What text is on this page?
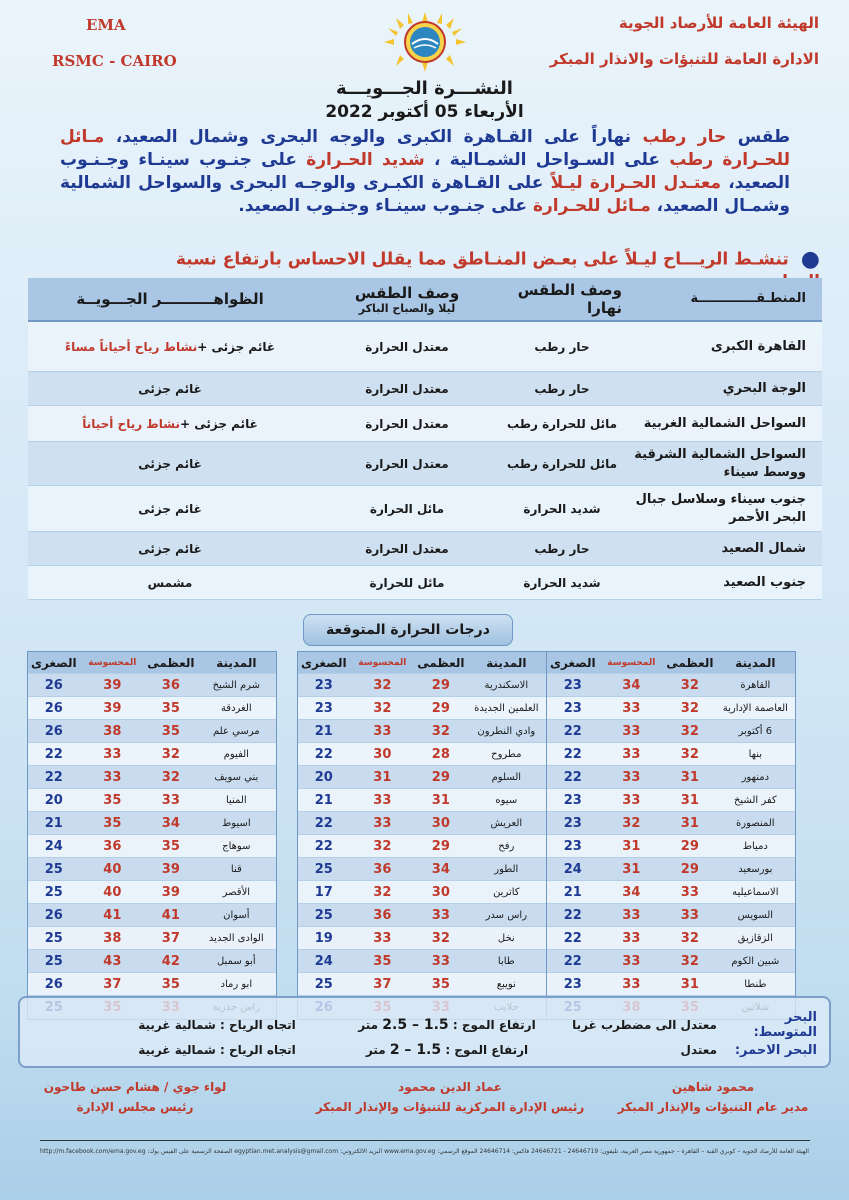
EMA
RSMC - CAIRO
الهيئة العامة للأرصاد الجوية
الادارة العامة للتنبؤات والانذار المبكر
النشـــرة الجـــويـــة
الأربعاء 05 أكتوبر 2022
طقس حار رطب نهاراً على القـاهرة الكبرى والوجه البحرى وشمال الصعيد، مـائل للحـرارة رطب على السـواحل الشمـالية ، شديد الحـرارة على جنـوب سينـاء وجـنـوب الصعيد، معتـدل الحـرارة ليـلاً على القـاهرة الكبـرى والوجـه البحرى والسواحل الشمالية وشمـال الصعيد، مـائل للحـرارة على جنـوب سينـاء وجنـوب الصعيد.
●تنشـط الريـــاح ليـلاً على بعـض المنـاطق مما يقلل الاحساس بارتفاع نسبة
المنطـقـــــــــــــة
وصف الطقس نهارا
وصف الطقس
ليلا والصباح الباكر
الظواهــــــــــر الجـــويــة
القاهرة الكبرى
حار رطب
معتدل الحرارة
غائم جزئى +
نشاط رياح أحياناً مساءً
الوجة البحري
حار رطب
معتدل الحرارة
غائم جزئى
السواحل الشمالية الغربية
مائل للحرارة رطب
معتدل الحرارة
غائم جزئى +
نشاط رياح أحياناً
السواحل الشمالية الشرقية ووسط سيناء
مائل للحرارة رطب
معتدل الحرارة
غائم جزئى
جنوب سيناء وسلاسل جبال البحر الأحمر
شديد الحرارة
مائل الحرارة
غائم جزئى
شمال الصعيد
حار رطب
معتدل الحرارة
غائم جزئى
جنوب الصعيد
شديد الحرارة
مائل للحرارة
مشمس
درجات الحرارة المتوقعة
المدينة
العظمى
المحسوسة
الصغرى
القاهرة
32
34
23
العاصمة الإدارية
32
33
23
6 أكتوبر
32
33
22
بنها
32
33
22
دمنهور
31
33
22
كفر الشيخ
31
33
23
المنصورة
31
32
23
دمياط
29
31
23
بورسعيد
29
31
24
الاسماعيليه
33
34
21
السويس
33
33
22
الزقازيق
32
33
22
شبين الكوم
32
33
22
طنطا
31
33
23
المدينة
العظمى
المحسوسة
الصغرى
الاسكندرية
29
32
23
العلمين الجديدة
29
32
23
وادي النطرون
32
33
21
مطروح
28
30
22
السلوم
29
31
20
سيوه
31
33
21
العريش
30
33
22
رفح
29
32
22
الطور
34
36
25
كاترين
30
32
17
راس سدر
33
36
25
نخل
32
33
19
طابا
33
35
24
نويبع
35
37
25
المدينة
العظمى
المحسوسة
الصغرى
شرم الشيخ
36
39
26
الغردقة
35
39
26
مرسي علم
35
38
26
الفيوم
32
33
22
بني سويف
32
33
22
المنيا
33
35
20
اسيوط
34
35
21
سوهاج
35
36
24
قنا
39
40
25
الأقصر
39
40
25
أسوان
41
41
26
الوادى الجديد
37
38
25
أبو سمبل
42
43
25
ابو رماد
35
37
26
البحر المتوسط:
معتدل الى مضطرب غربا
ارتفاع الموج : 1.5 – 2.5 متر
اتجاه الرياح : شمالية غربية
البحر الاحمر:
معتدل
ارتفاع الموج : 1.5 – 2 متر
اتجاه الرياح : شمالية غربية
لواء جوي / هشام حسن طاحون
رئيس مجلس الإدارة
عماد الدين محمود
رئيس الإدارة المركزية للتنبؤات والإنذار المبكر
محمود شاهين
مدير عام التنبؤات والإنذار المبكر
الهيئة العامة للأرصاد الجوية – كوبري القبة – القاهرة – جمهورية مصر العربية، تليفون: 24646719 - 24646721 فاكس: 24646714 الموقع الرسمي: www.ema.gov.eg البريد الالكتروني: egyptian.met.analysis@gmail.com الصفحة الرسمية على الفيس بوك: http://m.facebook.com/ema.gov.eg
